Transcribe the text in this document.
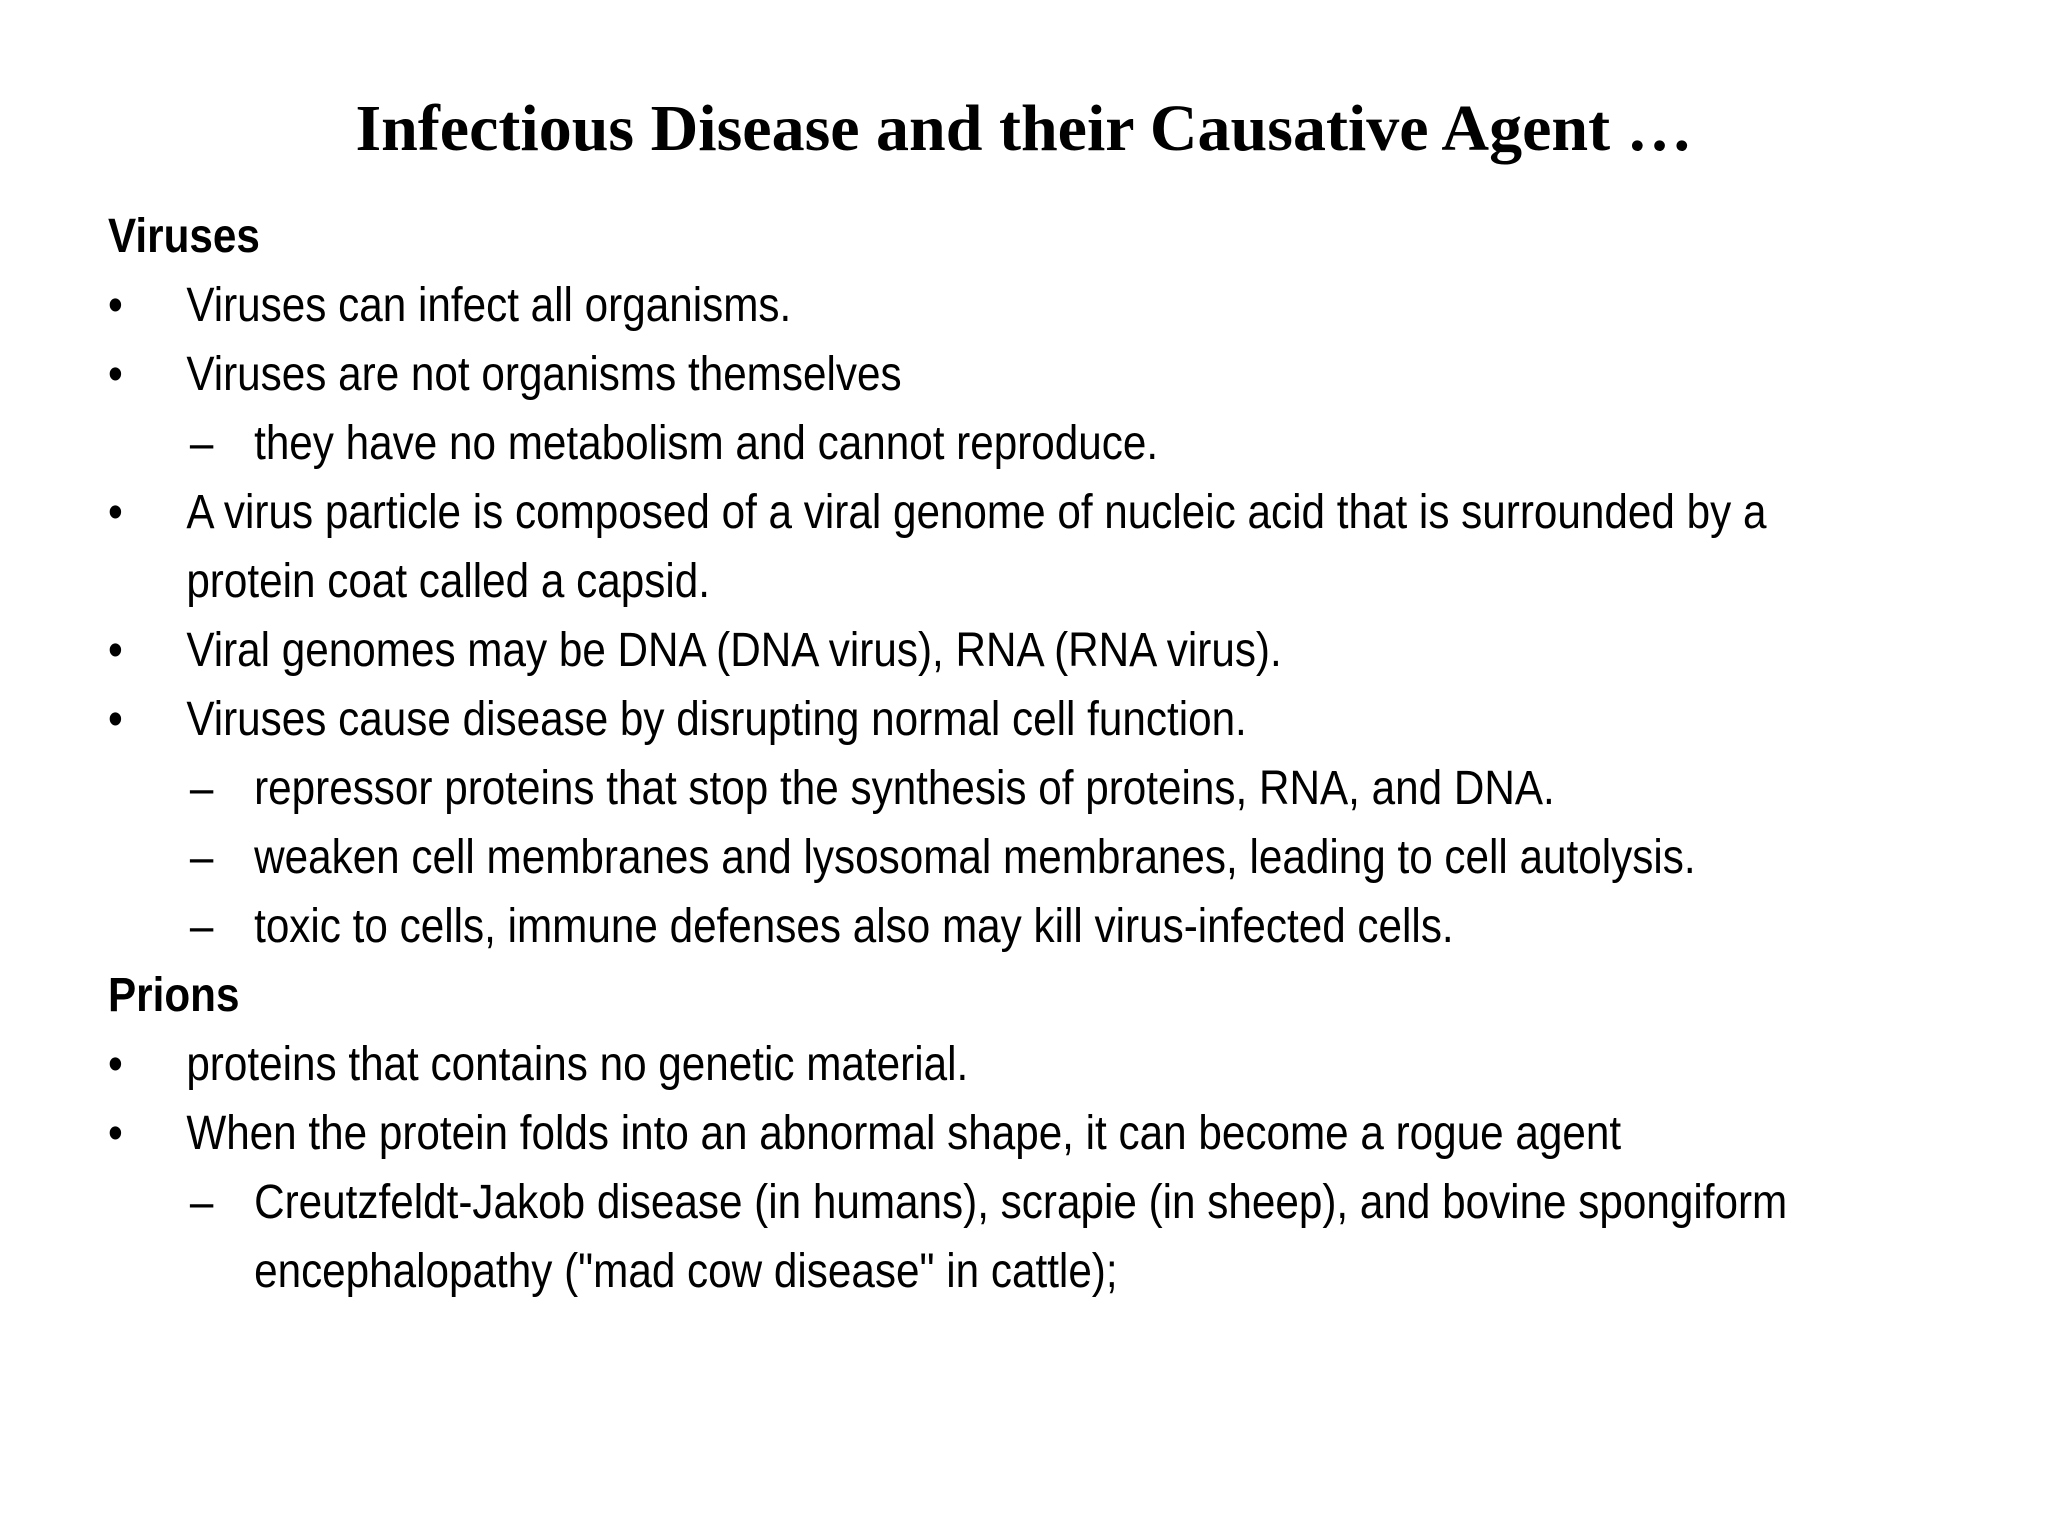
Infectious Disease and their Causative Agent …
Viruses
• Viruses can infect all organisms.
• Viruses are not organisms themselves
– they have no metabolism and cannot reproduce.
• A virus particle is composed of a viral genome of nucleic acid that is surrounded by a
protein coat called a capsid.
• Viral genomes may be DNA (DNA virus), RNA (RNA virus).
• Viruses cause disease by disrupting normal cell function.
– repressor proteins that stop the synthesis of proteins, RNA, and DNA.
– weaken cell membranes and lysosomal membranes, leading to cell autolysis.
– toxic to cells, immune defenses also may kill virus-infected cells.
Prions
• proteins that contains no genetic material.
• When the protein folds into an abnormal shape, it can become a rogue agent
– Creutzfeldt-Jakob disease (in humans), scrapie (in sheep), and bovine spongiform
encephalopathy ("mad cow disease" in cattle);
